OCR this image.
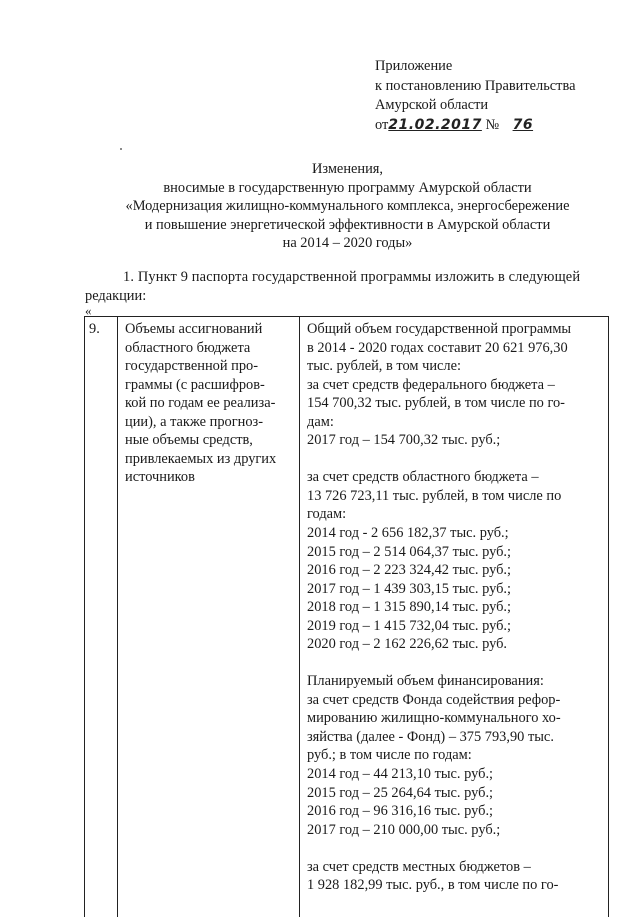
Приложение
к постановлению Правительства
Амурской области
от21.02.2017 № 76
Изменения,
вносимые в государственную программу Амурской области
«Модернизация жилищно-коммунального комплекса, энергосбережение
и повышение энергетической эффективности в Амурской области
на 2014 – 2020 годы»
1. Пункт 9 паспорта государственной программы изложить в следующей
редакции:
«
9. Объемы ассигнований
областного бюджета
государственной про-
граммы (с расшифров-
кой по годам ее реализа-
ции), а также прогноз-
ные объемы средств,
привлекаемых из других
источников
Общий объем государственной программы
в 2014 - 2020 годах составит 20 621 976,30
тыс. рублей, в том числе:
за счет средств федерального бюджета –
154 700,32 тыс. рублей, в том числе по го-
дам:
2017 год – 154 700,32 тыс. руб.;
за счет средств областного бюджета –
13 726 723,11 тыс. рублей, в том числе по
годам:
2014 год - 2 656 182,37 тыс. руб.;
2015 год – 2 514 064,37 тыс. руб.;
2016 год – 2 223 324,42 тыс. руб.;
2017 год – 1 439 303,15 тыс. руб.;
2018 год – 1 315 890,14 тыс. руб.;
2019 год – 1 415 732,04 тыс. руб.;
2020 год – 2 162 226,62 тыс. руб.
Планируемый объем финансирования:
за счет средств Фонда содействия рефор-
мированию жилищно-коммунального хо-
зяйства (далее - Фонд) – 375 793,90 тыс.
руб.; в том числе по годам:
2014 год – 44 213,10 тыс. руб.;
2015 год – 25 264,64 тыс. руб.;
2016 год – 96 316,16 тыс. руб.;
2017 год – 210 000,00 тыс. руб.;
за счет средств местных бюджетов –
1 928 182,99 тыс. руб., в том числе по го-
